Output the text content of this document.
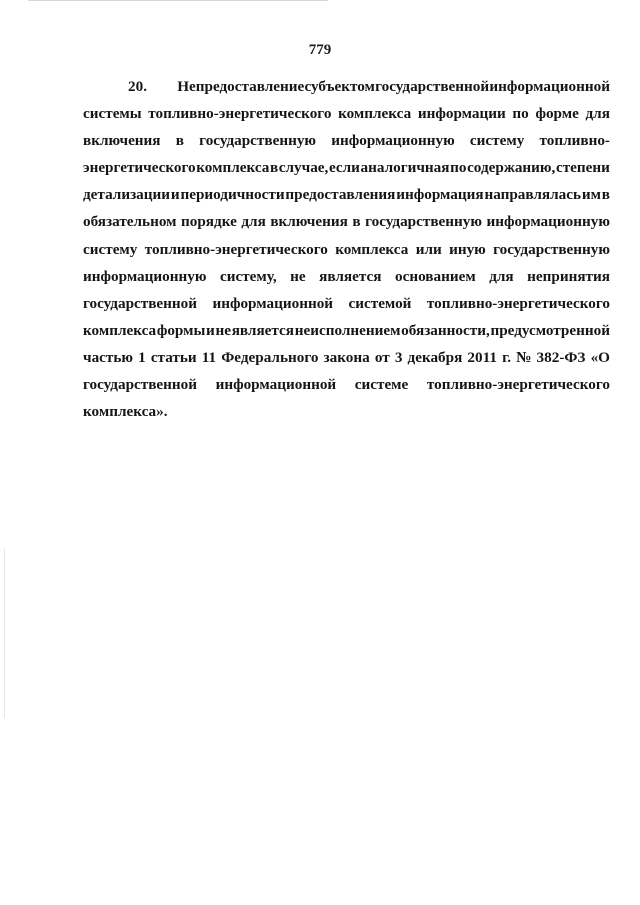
779
20.	Непредоставление субъектом государственной информационной
системы топливно-энергетического комплекса информации по форме для
включения в государственную информационную систему топливно-
энергетического комплекса в случае, если аналогичная по содержанию, степени
детализации и периодичности предоставления информация направлялась им в
обязательном порядке для включения в государственную информационную
систему топливно-энергетического комплекса или иную государственную
информационную систему, не является основанием для непринятия
государственной информационной системой топливно-энергетического
комплекса формы и не является неисполнением обязанности, предусмотренной
частью 1 статьи 11 Федерального закона от 3 декабря 2011 г. № 382-ФЗ «О
государственной информационной системе топливно-энергетического
комплекса».
